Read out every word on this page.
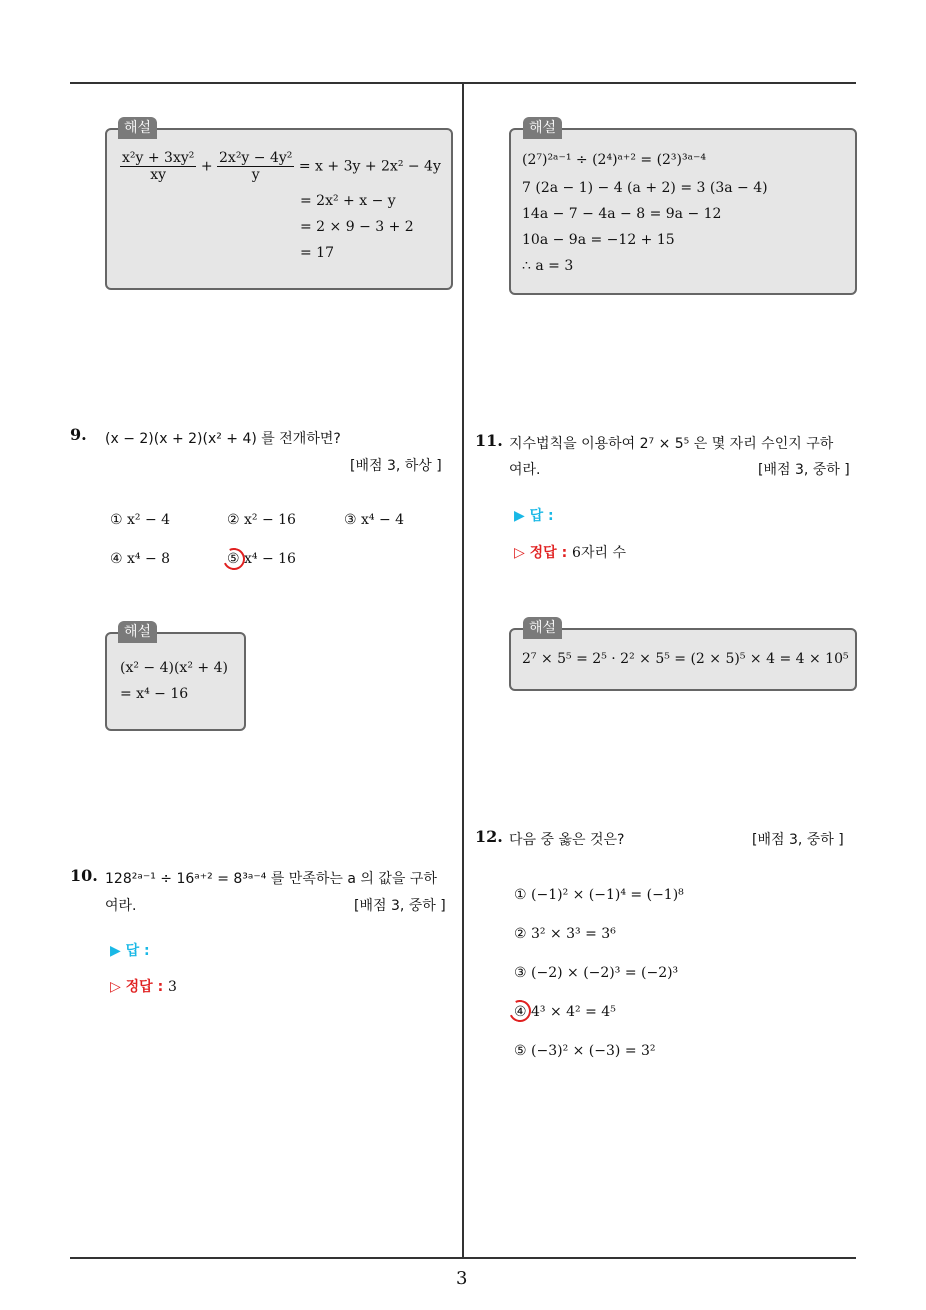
해설
$\frac{\text{x²y + 3xy²}}{xy} + \frac{\text{2x²y − 4y²}}{y} = x + 3y + 2x^2 - 4y$
= 2x² + x − y
= 2 × 9 − 3 + 2
= 17
해설
(2⁷)²ᵃ⁻¹ ÷ (2⁴)ᵃ⁺² = (2³)³ᵃ⁻⁴
7 (2a − 1) − 4 (a + 2) = 3 (3a − 4)
14a − 7 − 4a − 8 = 9a − 12
10a − 9a = −12 + 15
∴ a = 3
9. (x − 2)(x + 2)(x² + 4) 를 전개하면?
[배점 3, 하상 ]
① x² − 4	② x² − 16	③ x⁴ − 4
④ x⁴ − 8	⑤ x⁴ − 16
해설
(x² − 4)(x² + 4)
= x⁴ − 16
10. 128²ᵃ⁻¹ ÷ 16ᵃ⁺² = 8³ᵃ⁻⁴ 를 만족하는 a 의 값을 구하
여라.	[배점 3, 중하 ]
▶ 답 :
▷ 정답 : 3
11. 지수법칙을 이용하여 2⁷ × 5⁵ 은 몇 자리 수인지 구하
여라.	[배점 3, 중하 ]
▶ 답 :
▷ 정답 : 6자리 수
해설
2⁷ × 5⁵ = 2⁵ · 2² × 5⁵ = (2 × 5)⁵ × 4 = 4 × 10⁵
12. 다음 중 옳은 것은?	[배점 3, 중하 ]
① (−1)² × (−1)⁴ = (−1)⁸
② 3² × 3³ = 3⁶
③ (−2) × (−2)³ = (−2)³
④ 4³ × 4² = 4⁵
⑤ (−3)² × (−3) = 3²
3
